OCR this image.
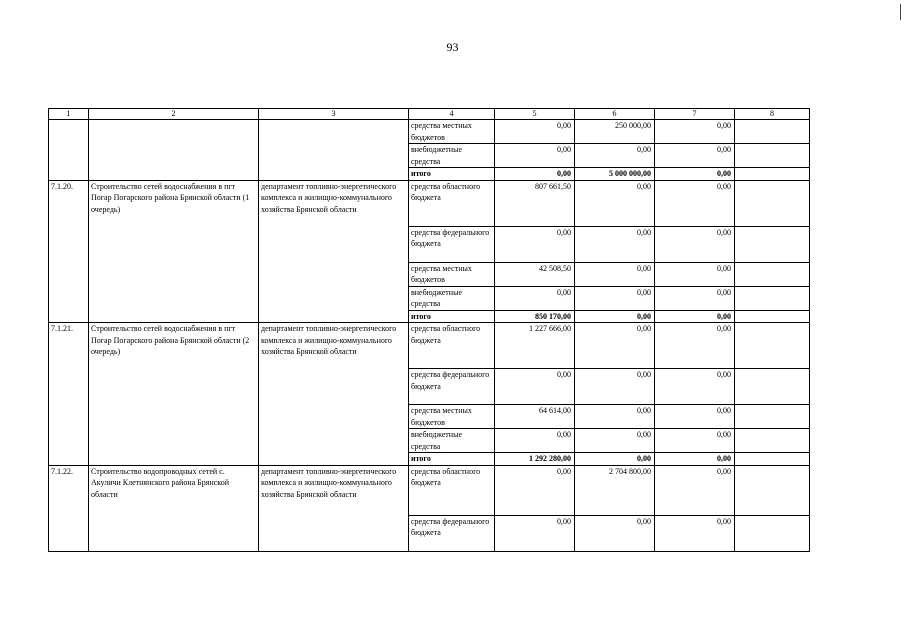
93
1	2	3	4	5	6	7	8
			средства местных бюджетов	0,00	250 000,00	0,00	
			внебюджетные средства	0,00	0,00	0,00	
			итого	0,00	5 000 000,00	0,00	
7.1.20.	Строительство сетей водоснабжения в пгт Погар Погарского района Брянской области (1 очередь)	департамент топливно-энергетического комплекса и жилищно-коммунального хозяйства Брянской области	средства областного бюджета	807 661,50	0,00	0,00	
			средства федерального бюджета	0,00	0,00	0,00	
			средства местных бюджетов	42 508,50	0,00	0,00	
			внебюджетные средства	0,00	0,00	0,00	
			итого	850 170,00	0,00	0,00	
7.1.21.	Строительство сетей водоснабжения в пгт Погар Погарского района Брянской области (2 очередь)	департамент топливно-энергетического комплекса и жилищно-коммунального хозяйства Брянской области	средства областного бюджета	1 227 666,00	0,00	0,00	
			средства федерального бюджета	0,00	0,00	0,00	
			средства местных бюджетов	64 614,00	0,00	0,00	
			внебюджетные средства	0,00	0,00	0,00	
			итого	1 292 280,00	0,00	0,00	
7.1.22.	Строительство водопроводных сетей с. Акуличи Клетнянского района Брянской области	департамент топливно-энергетического комплекса и жилищно-коммунального хозяйства Брянской области	средства областного бюджета	0,00	2 704 800,00	0,00	
			средства федерального бюджета	0,00	0,00	0,00	
